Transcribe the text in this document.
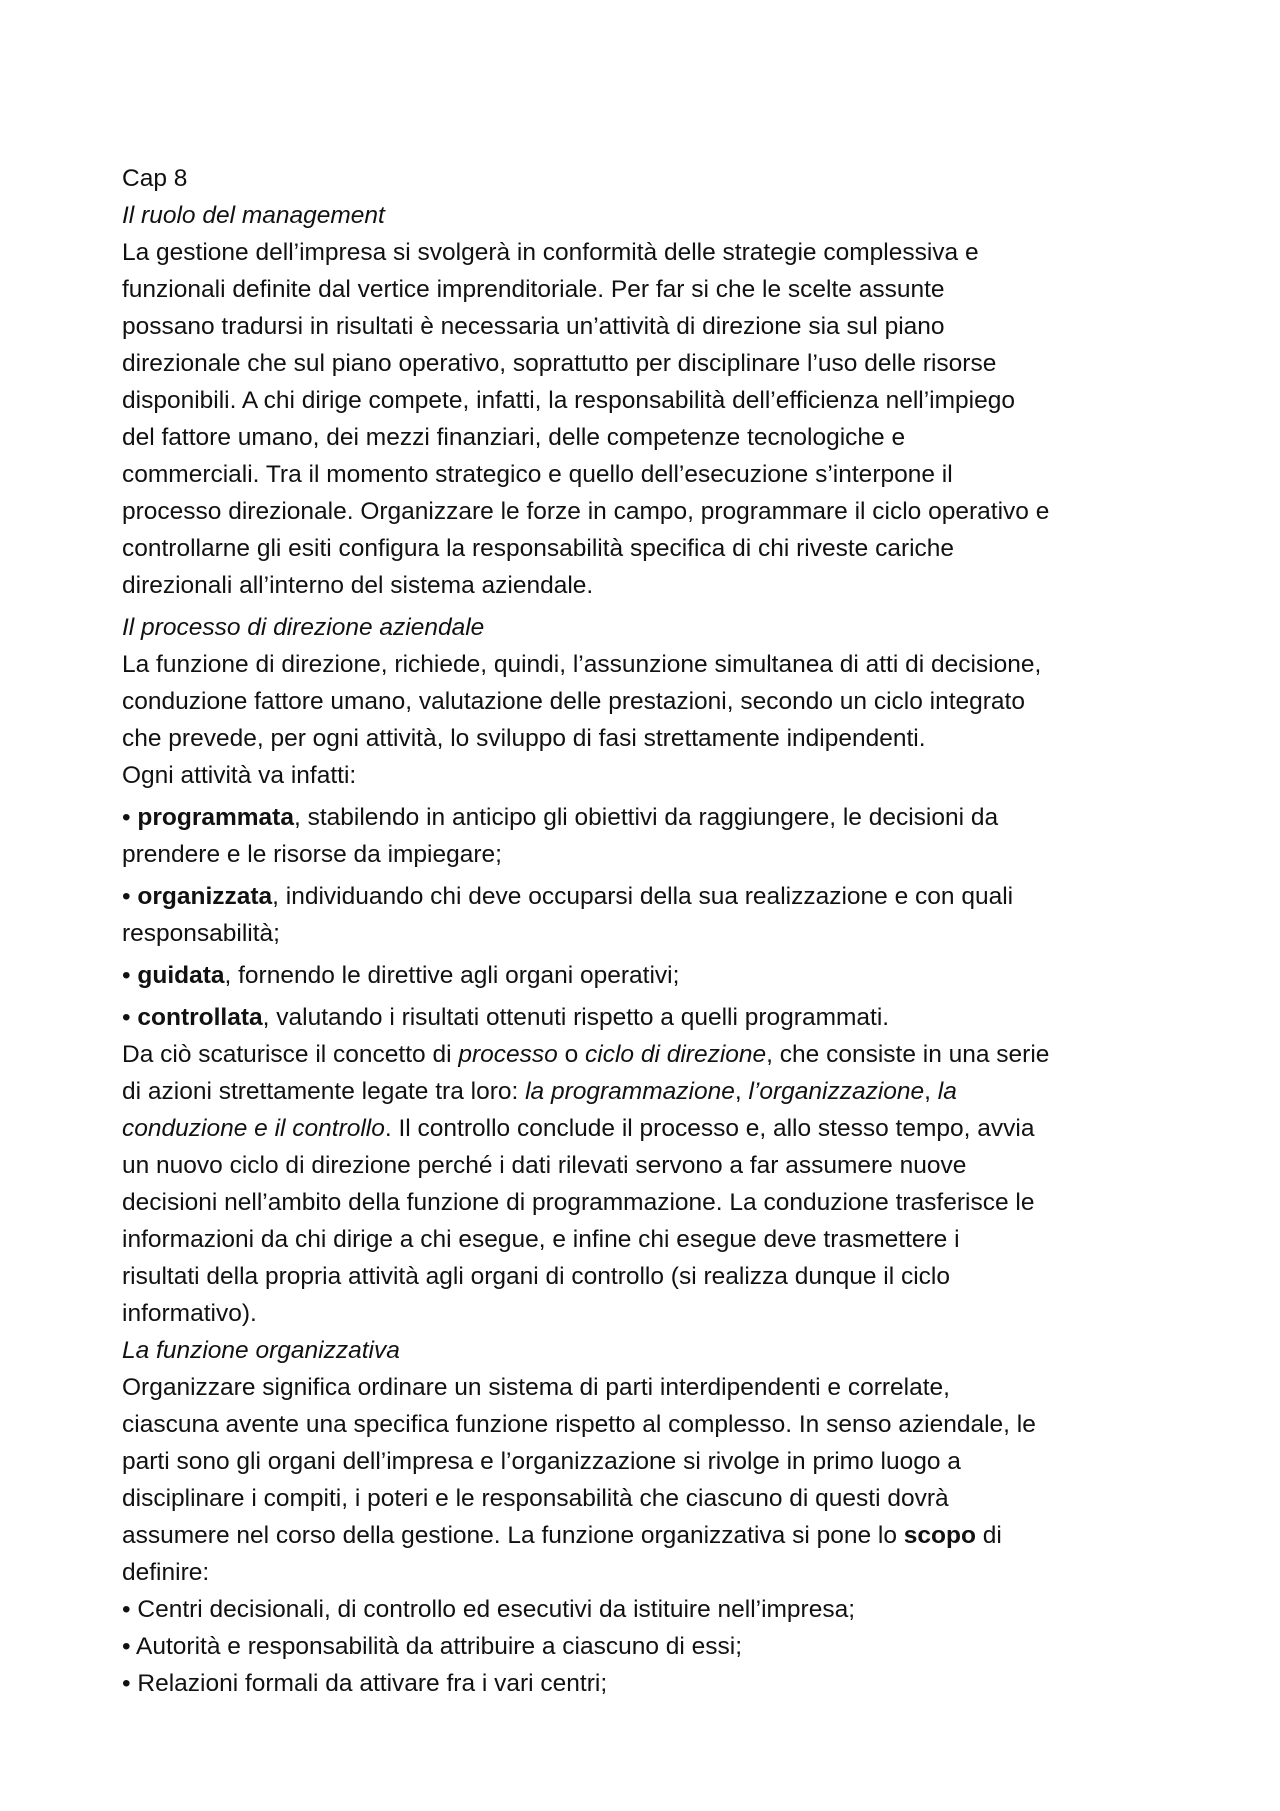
Cap 8
Il ruolo del management
La gestione dell’impresa si svolgerà in conformità delle strategie complessiva e
funzionali definite dal vertice imprenditoriale. Per far si che le scelte assunte
possano tradursi in risultati è necessaria un’attività di direzione sia sul piano
direzionale che sul piano operativo, soprattutto per disciplinare l’uso delle risorse
disponibili. A chi dirige compete, infatti, la responsabilità dell’efficienza nell’impiego
del fattore umano, dei mezzi finanziari, delle competenze tecnologiche e
commerciali. Tra il momento strategico e quello dell’esecuzione s’interpone il
processo direzionale. Organizzare le forze in campo, programmare il ciclo operativo e
controllarne gli esiti configura la responsabilità specifica di chi riveste cariche
direzionali all’interno del sistema aziendale.
Il processo di direzione aziendale
La funzione di direzione, richiede, quindi, l’assunzione simultanea di atti di decisione,
conduzione fattore umano, valutazione delle prestazioni, secondo un ciclo integrato
che prevede, per ogni attività, lo sviluppo di fasi strettamente indipendenti.
Ogni attività va infatti:
• programmata, stabilendo in anticipo gli obiettivi da raggiungere, le decisioni da
prendere e le risorse da impiegare;
• organizzata, individuando chi deve occuparsi della sua realizzazione e con quali
responsabilità;
• guidata, fornendo le direttive agli organi operativi;
• controllata, valutando i risultati ottenuti rispetto a quelli programmati.
Da ciò scaturisce il concetto di processo o ciclo di direzione, che consiste in una serie
di azioni strettamente legate tra loro: la programmazione, l’organizzazione, la
conduzione e il controllo. Il controllo conclude il processo e, allo stesso tempo, avvia
un nuovo ciclo di direzione perché i dati rilevati servono a far assumere nuove
decisioni nell’ambito della funzione di programmazione. La conduzione trasferisce le
informazioni da chi dirige a chi esegue, e infine chi esegue deve trasmettere i
risultati della propria attività agli organi di controllo (si realizza dunque il ciclo
informativo).
La funzione organizzativa
Organizzare significa ordinare un sistema di parti interdipendenti e correlate,
ciascuna avente una specifica funzione rispetto al complesso. In senso aziendale, le
parti sono gli organi dell’impresa e l’organizzazione si rivolge in primo luogo a
disciplinare i compiti, i poteri e le responsabilità che ciascuno di questi dovrà
assumere nel corso della gestione. La funzione organizzativa si pone lo scopo di
definire:
• Centri decisionali, di controllo ed esecutivi da istituire nell’impresa;
• Autorità e responsabilità da attribuire a ciascuno di essi;
• Relazioni formali da attivare fra i vari centri;
